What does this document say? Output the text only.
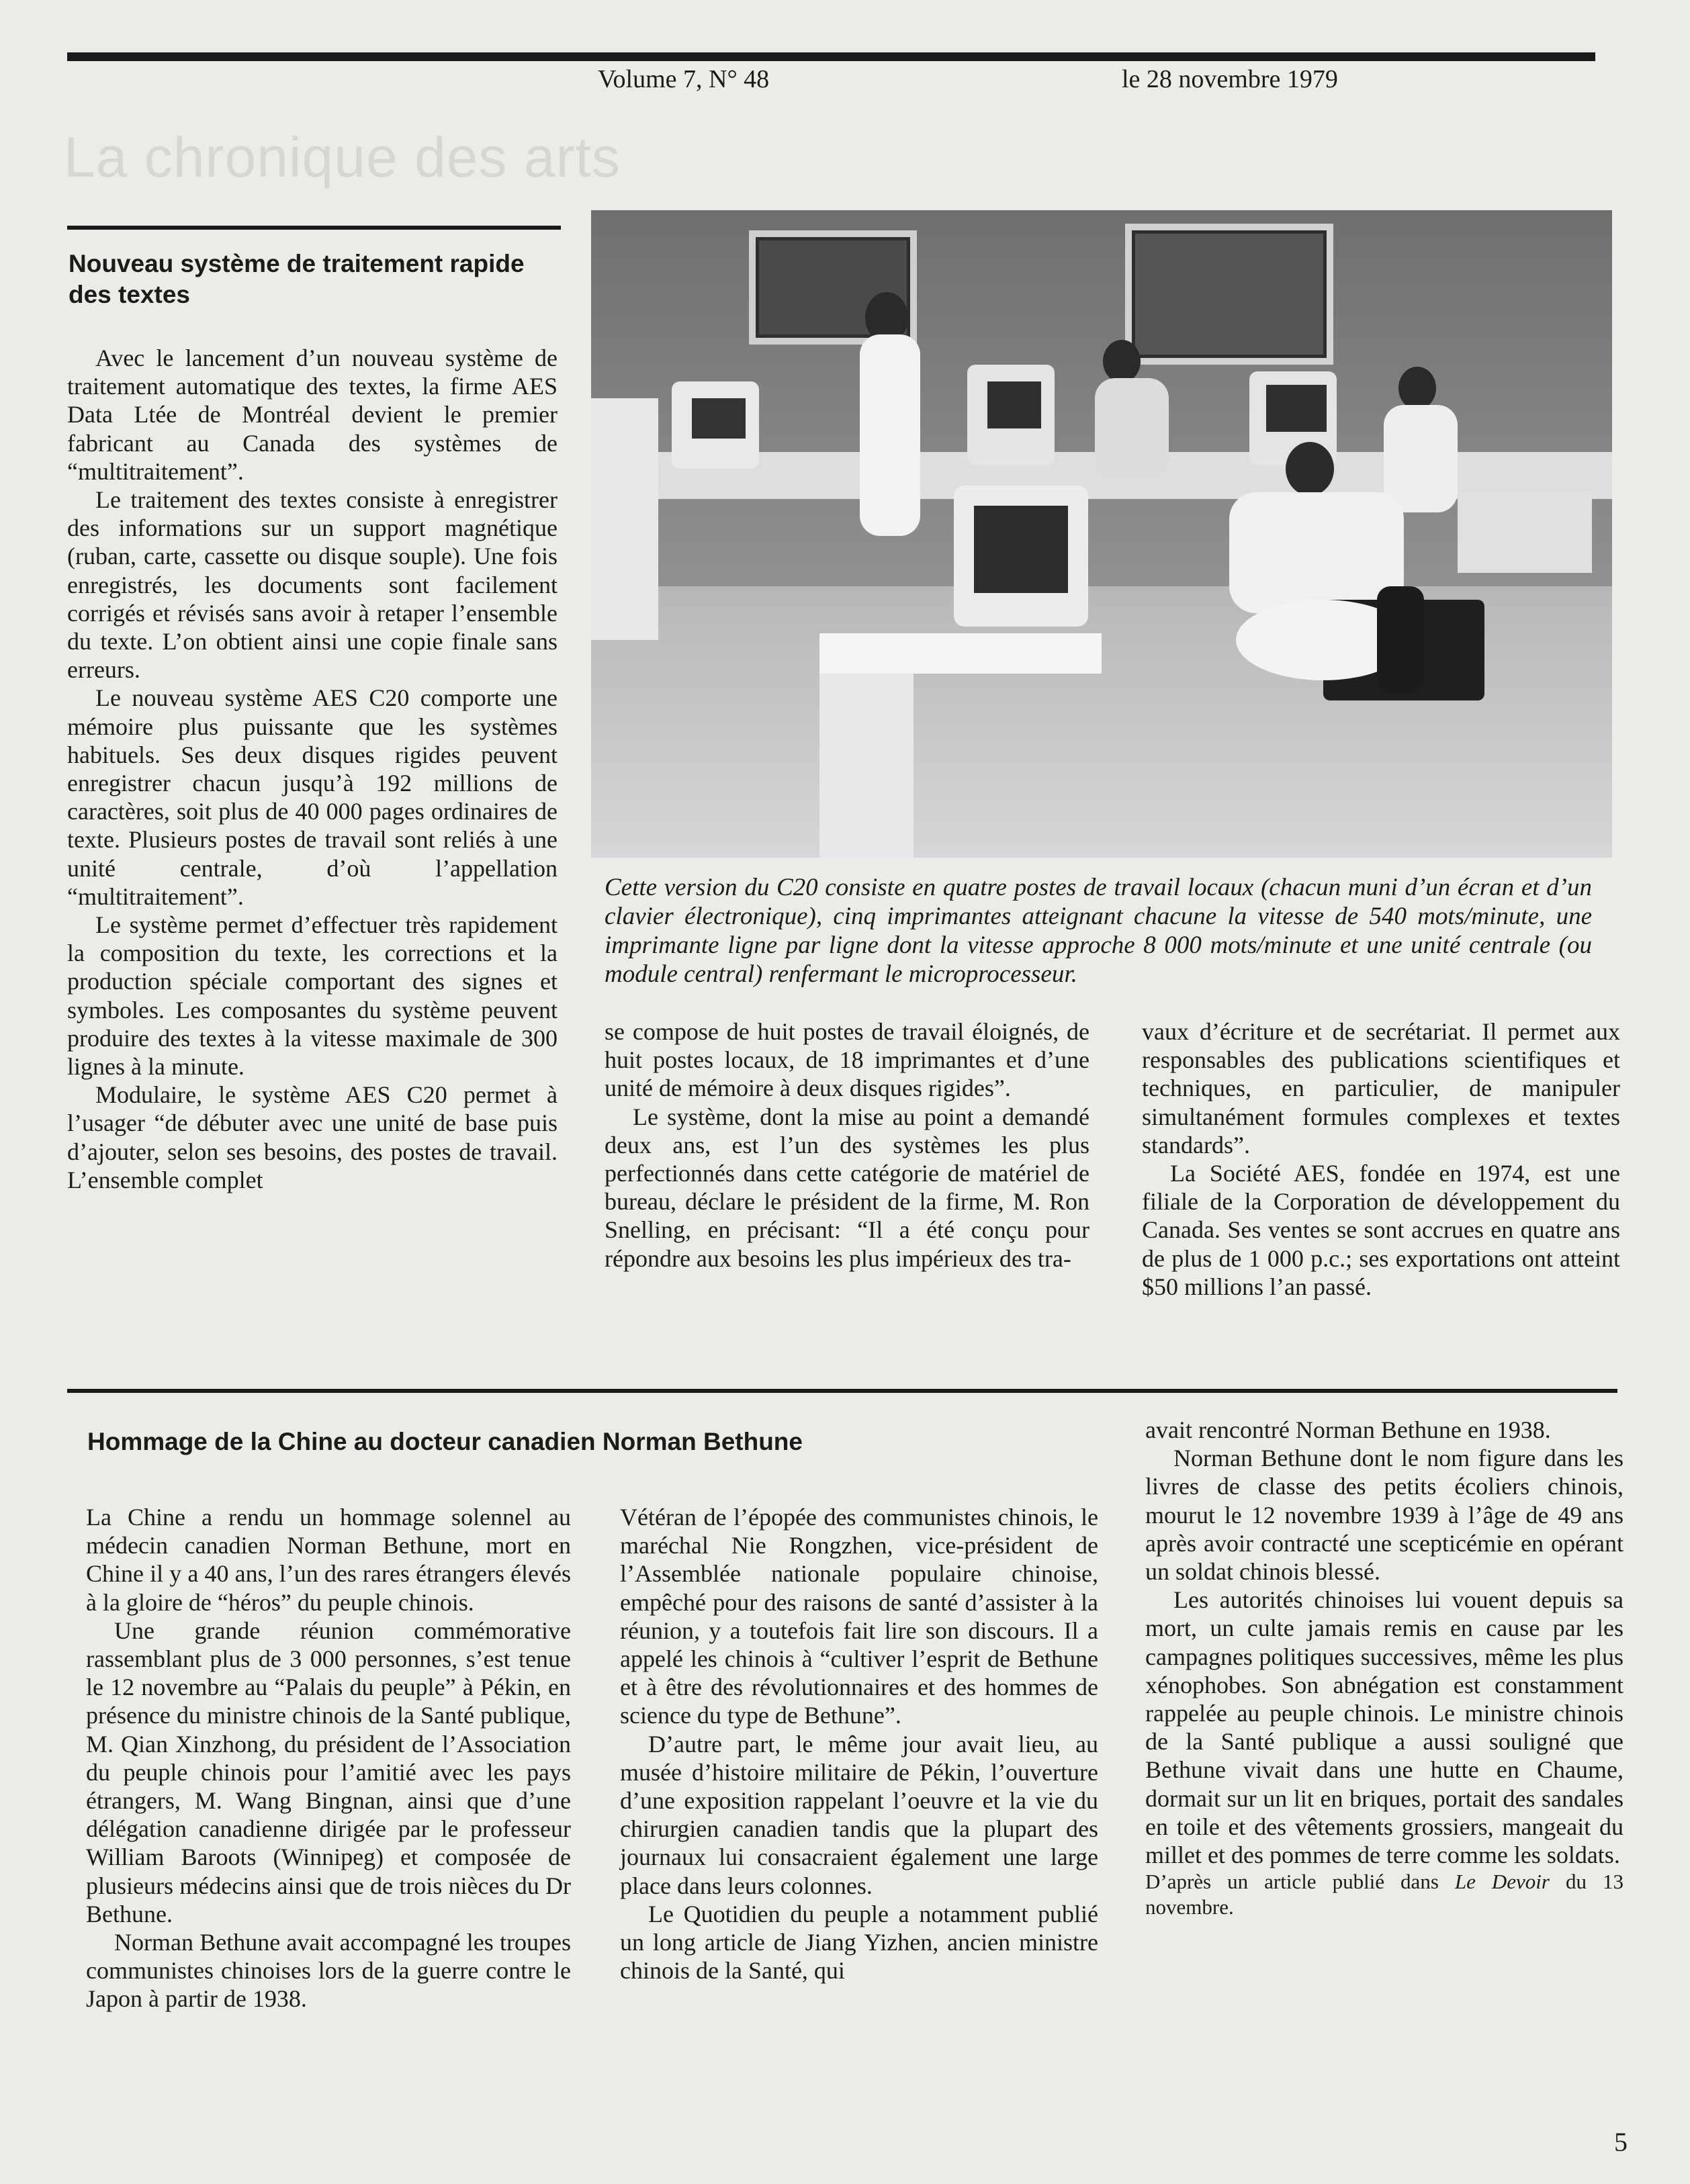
Volume 7, N° 48	le 28 novembre 1979
La chronique des arts
Nouveau système de traitement rapide des textes

Avec le lancement d’un nouveau système de traitement automatique des textes, la firme AES Data Ltée de Montréal devient le premier fabricant au Canada des systèmes de “multitraitement”.

Le traitement des textes consiste à enregistrer des informations sur un support magnétique (ruban, carte, cassette ou disque souple). Une fois enregistrés, les documents sont facilement corrigés et révisés sans avoir à retaper l’ensemble du texte. L’on obtient ainsi une copie finale sans erreurs.

Le nouveau système AES C20 comporte une mémoire plus puissante que les systèmes habituels. Ses deux disques rigides peuvent enregistrer chacun jusqu’à 192 millions de caractères, soit plus de 40 000 pages ordinaires de texte. Plusieurs postes de travail sont reliés à une unité centrale, d’où l’appellation “multitraitement”.

Le système permet d’effectuer très rapidement la composition du texte, les corrections et la production spéciale comportant des signes et symboles. Les composantes du système peuvent produire des textes à la vitesse maximale de 300 lignes à la minute.

Modulaire, le système AES C20 permet à l’usager “de débuter avec une unité de base puis d’ajouter, selon ses besoins, des postes de travail. L’ensemble complet

Cette version du C20 consiste en quatre postes de travail locaux (chacun muni d’un écran et d’un clavier électronique), cinq imprimantes atteignant chacune la vitesse de 540 mots/minute, une imprimante ligne par ligne dont la vitesse approche 8 000 mots/minute et une unité centrale (ou module central) renfermant le microprocesseur.

se compose de huit postes de travail éloignés, de huit postes locaux, de 18 imprimantes et d’une unité de mémoire à deux disques rigides”.

Le système, dont la mise au point a demandé deux ans, est l’un des systèmes les plus perfectionnés dans cette catégorie de matériel de bureau, déclare le président de la firme, M. Ron Snelling, en précisant: “Il a été conçu pour répondre aux besoins les plus impérieux des tra-

vaux d’écriture et de secrétariat. Il permet aux responsables des publications scientifiques et techniques, en particulier, de manipuler simultanément formules complexes et textes standards”.

La Société AES, fondée en 1974, est une filiale de la Corporation de développement du Canada. Ses ventes se sont accrues en quatre ans de plus de 1 000 p.c.; ses exportations ont atteint $50 millions l’an passé.

Hommage de la Chine au docteur canadien Norman Bethune

La Chine a rendu un hommage solennel au médecin canadien Norman Bethune, mort en Chine il y a 40 ans, l’un des rares étrangers élevés à la gloire de “héros” du peuple chinois.

Une grande réunion commémorative rassemblant plus de 3 000 personnes, s’est tenue le 12 novembre au “Palais du peuple” à Pékin, en présence du ministre chinois de la Santé publique, M. Qian Xinzhong, du président de l’Association du peuple chinois pour l’amitié avec les pays étrangers, M. Wang Bingnan, ainsi que d’une délégation canadienne dirigée par le professeur William Baroots (Winnipeg) et composée de plusieurs médecins ainsi que de trois nièces du Dr Bethune.

Norman Bethune avait accompagné les troupes communistes chinoises lors de la guerre contre le Japon à partir de 1938.

Vétéran de l’épopée des communistes chinois, le maréchal Nie Rongzhen, vice-président de l’Assemblée nationale populaire chinoise, empêché pour des raisons de santé d’assister à la réunion, y a toutefois fait lire son discours. Il a appelé les chinois à “cultiver l’esprit de Bethune et à être des révolutionnaires et des hommes de science du type de Bethune”.

D’autre part, le même jour avait lieu, au musée d’histoire militaire de Pékin, l’ouverture d’une exposition rappelant l’oeuvre et la vie du chirurgien canadien tandis que la plupart des journaux lui consacraient également une large place dans leurs colonnes.

Le Quotidien du peuple a notamment publié un long article de Jiang Yizhen, ancien ministre chinois de la Santé, qui

avait rencontré Norman Bethune en 1938.

Norman Bethune dont le nom figure dans les livres de classe des petits écoliers chinois, mourut le 12 novembre 1939 à l’âge de 49 ans après avoir contracté une scepticémie en opérant un soldat chinois blessé.

Les autorités chinoises lui vouent depuis sa mort, un culte jamais remis en cause par les campagnes politiques successives, même les plus xénophobes. Son abnégation est constamment rappelée au peuple chinois. Le ministre chinois de la Santé publique a aussi souligné que Bethune vivait dans une hutte en Chaume, dormait sur un lit en briques, portait des sandales en toile et des vêtements grossiers, mangeait du millet et des pommes de terre comme les soldats.

D’après un article publié dans Le Devoir du 13 novembre.
5
